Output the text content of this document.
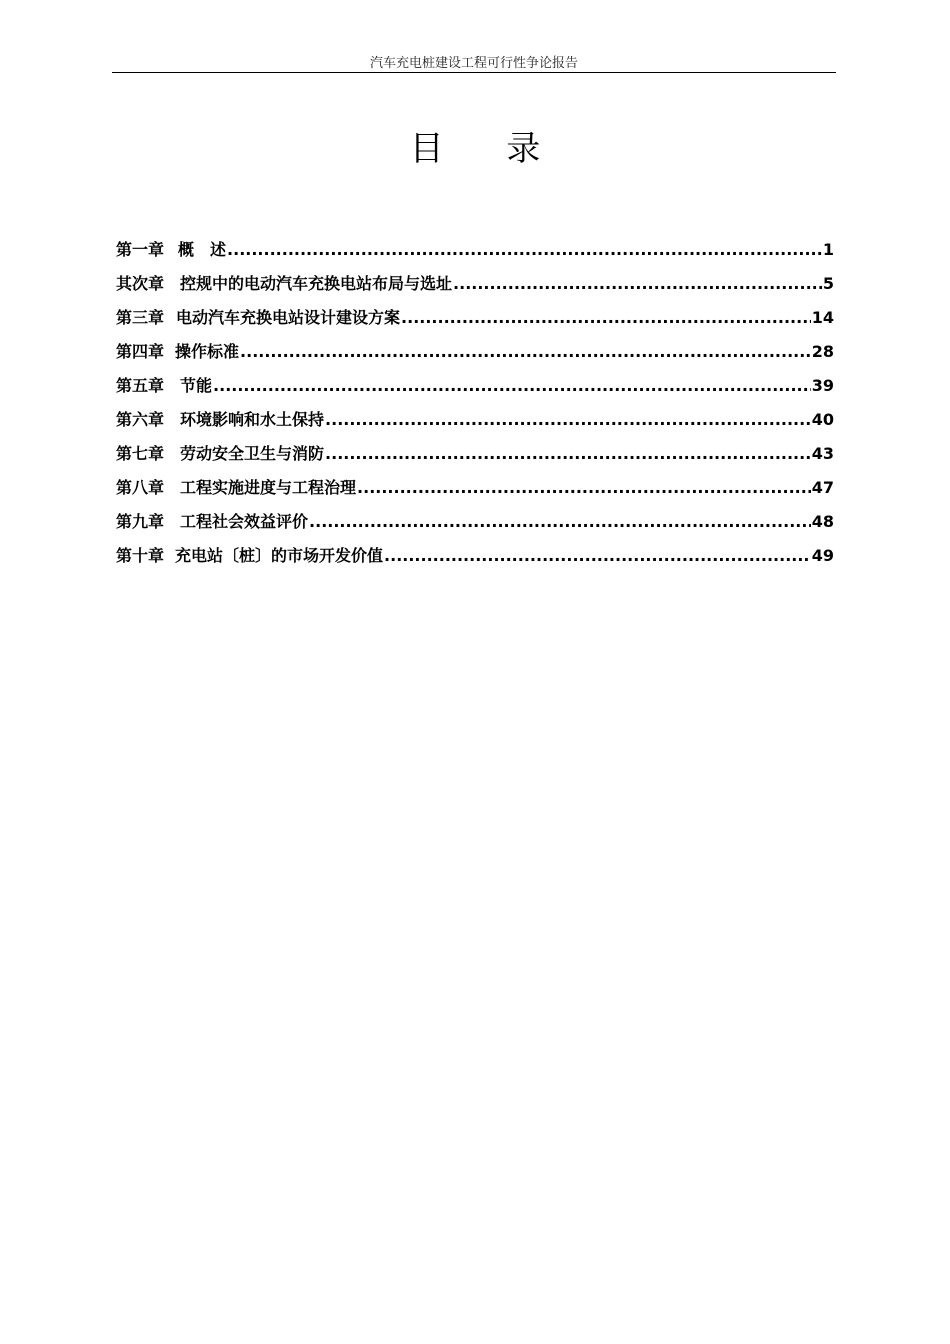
汽车充电桩建设工程可行性争论报告
目 录
第一章 概　述 .....	1
其次章 控规中的电动汽车充换电站布局与选址 .....	5
第三章 电动汽车充换电站设计建设方案 .....	14
第四章 操作标准 .....	28
第五章 节能 .....	39
第六章 环境影响和水土保持 .....	40
第七章 劳动安全卫生与消防 .....	43
第八章 工程实施进度与工程治理 .....	47
第九章 工程社会效益评价 .....	48
第十章 充电站〔桩〕的市场开发价值 .....	49
